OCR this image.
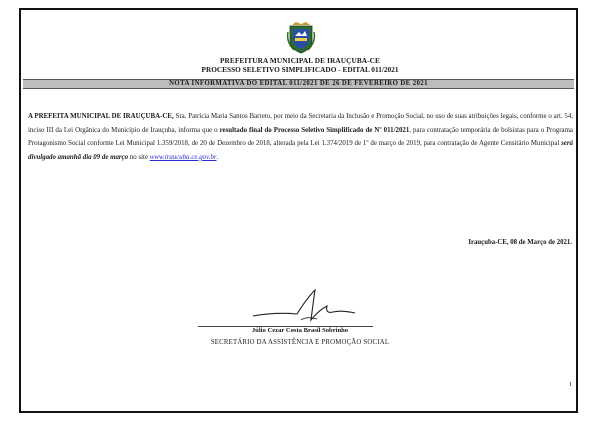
PREFEITURA MUNICIPAL DE IRAUÇUBA-CE
PROCESSO SELETIVO SIMPLIFICADO - EDITAL 011/2021
NOTA INFORMATIVA DO EDITAL 011/2021 DE 26 DE FEVEREIRO DE 2021
A PREFEITA MUNICIPAL DE IRAUÇUBA-CE, Sra. Patrícia Maria Santos Barreto, por meio da Secretaria da Inclusão e Promoção Social, no uso de suas atribuições legais, conforme o art. 54, inciso III da Lei Orgânica do Município de Irauçuba, informa que o resultado final do Processo Seletivo Simplificado de Nº 011/2021, para contratação temporária de bolsistas para o Programa Protagonismo Social conforme Lei Municipal 1.359/2018, de 20 de Dezembro de 2018, alterada pela Lei 1.374/2019 de 1º de março de 2019, para contratação de Agente Censitário Municipal será divulgado amanhã dia 09 de março no site www.iraucuba.ce.gov.br.
Irauçuba-CE, 08 de Março de 2021.
Júlio Cezar Costa Brasil Sobrinho
SECRETÁRIO DA ASSISTÊNCIA E PROMOÇÃO SOCIAL
1
